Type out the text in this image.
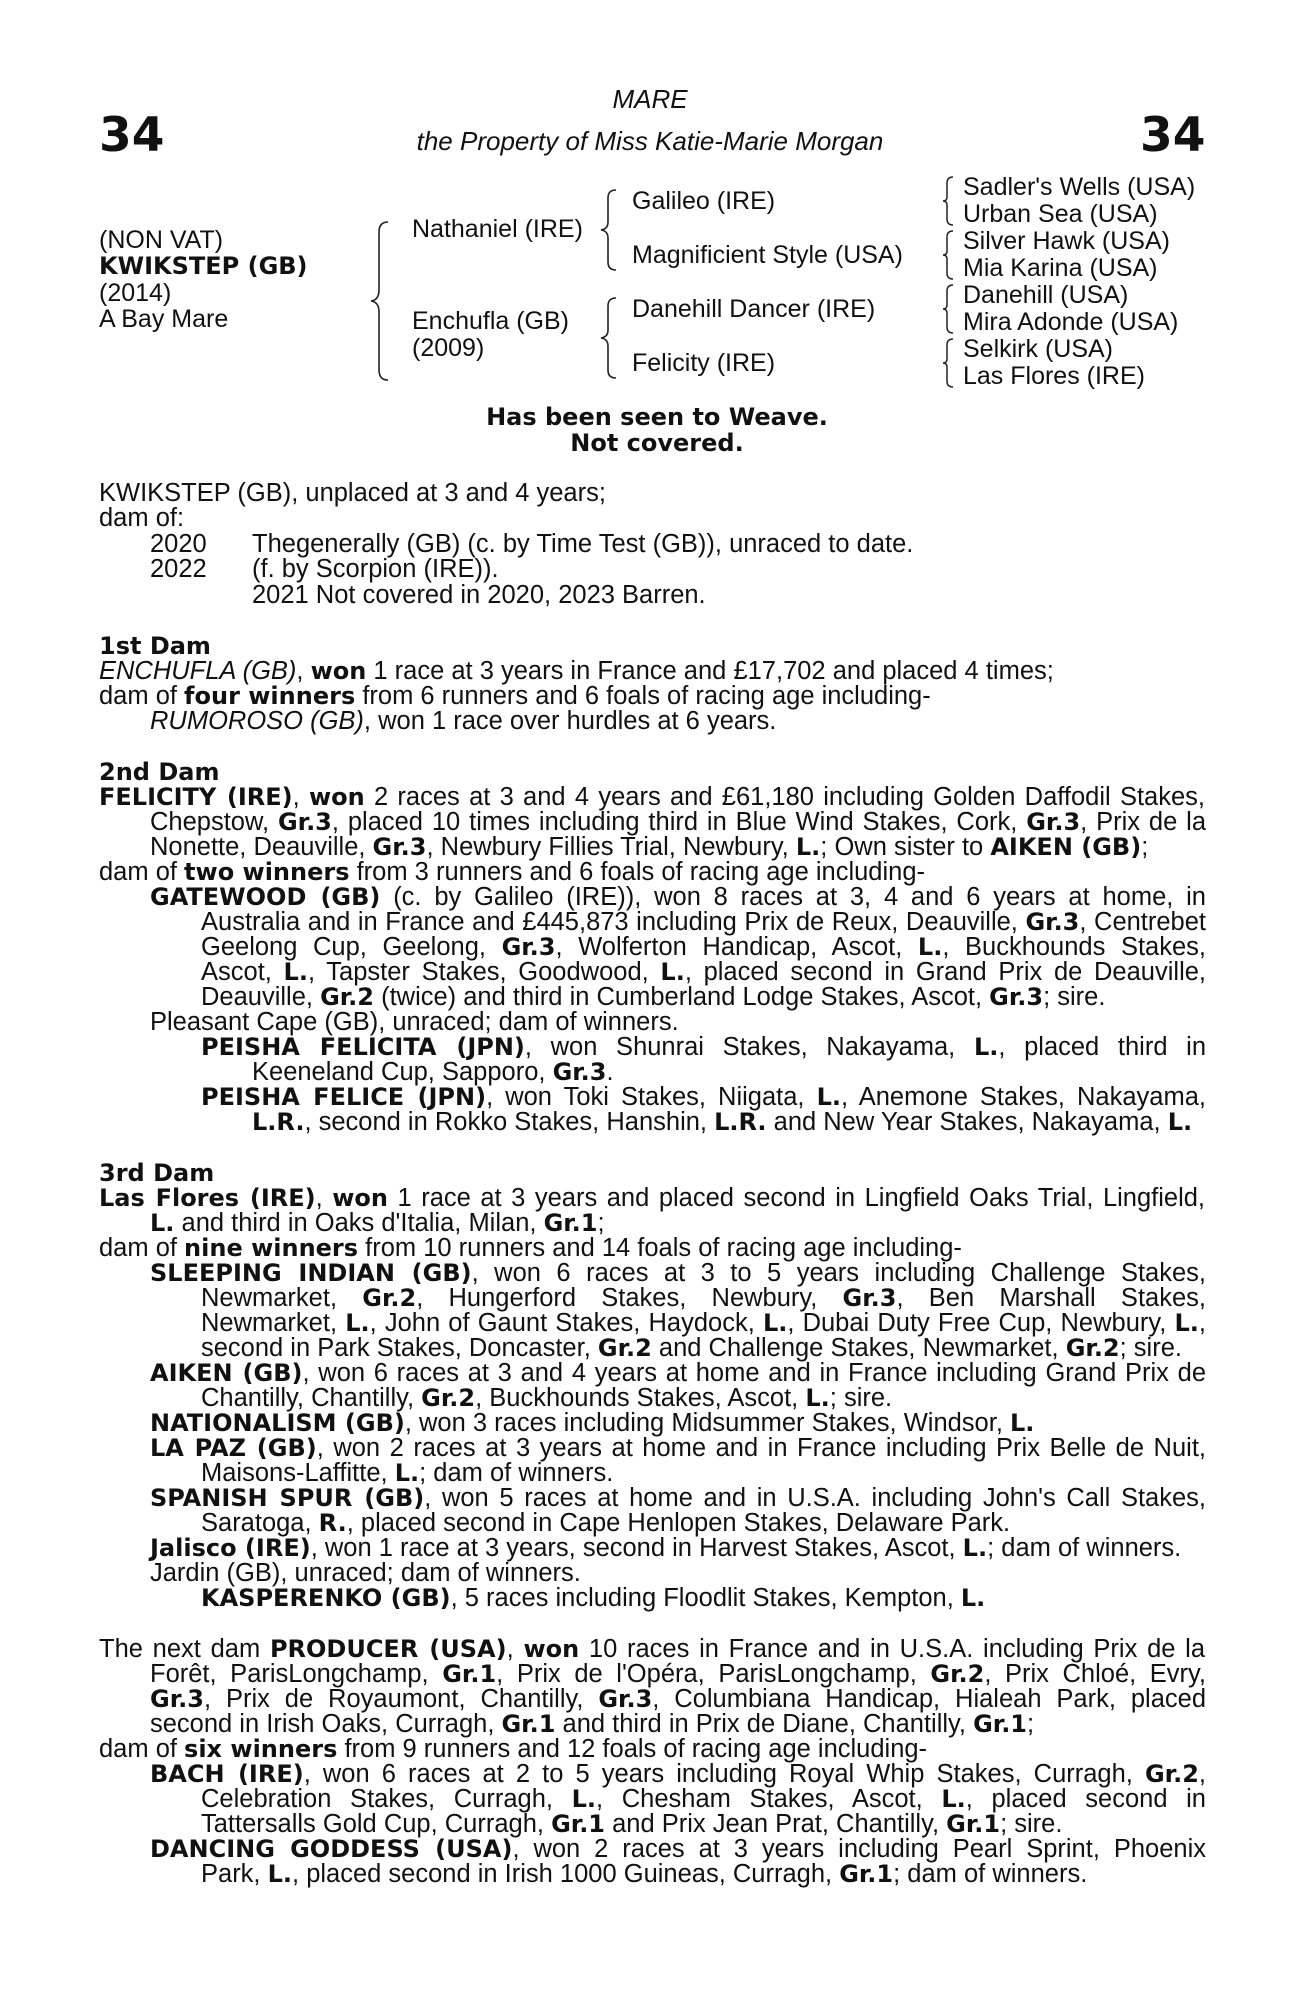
34	34
MARE
the Property of Miss Katie-Marie Morgan
(NON VAT)
KWIKSTEP (GB)
(2014)
A Bay Mare
Nathaniel (IRE)
Enchufla (GB)
(2009)
Galileo (IRE)
Magnificient Style (USA)
Danehill Dancer (IRE)
Felicity (IRE)
Sadler's Wells (USA)
Urban Sea (USA)
Silver Hawk (USA)
Mia Karina (USA)
Danehill (USA)
Mira Adonde (USA)
Selkirk (USA)
Las Flores (IRE)
Has been seen to Weave.
Not covered.
KWIKSTEP (GB), unplaced at 3 and 4 years;
dam of:
2020 Thegenerally (GB) (c. by Time Test (GB)), unraced to date.
2022 (f. by Scorpion (IRE)).
2021 Not covered in 2020, 2023 Barren.
1st Dam
ENCHUFLA (GB), won 1 race at 3 years in France and £17,702 and placed 4 times;
dam of four winners from 6 runners and 6 foals of racing age including-
RUMOROSO (GB), won 1 race over hurdles at 6 years.
2nd Dam
FELICITY (IRE), won 2 races at 3 and 4 years and £61,180 including Golden Daffodil Stakes,
Chepstow, Gr.3, placed 10 times including third in Blue Wind Stakes, Cork, Gr.3, Prix de la
Nonette, Deauville, Gr.3, Newbury Fillies Trial, Newbury, L.; Own sister to AIKEN (GB);
dam of two winners from 3 runners and 6 foals of racing age including-
GATEWOOD (GB) (c. by Galileo (IRE)), won 8 races at 3, 4 and 6 years at home, in
Australia and in France and £445,873 including Prix de Reux, Deauville, Gr.3, Centrebet
Geelong Cup, Geelong, Gr.3, Wolferton Handicap, Ascot, L., Buckhounds Stakes,
Ascot, L., Tapster Stakes, Goodwood, L., placed second in Grand Prix de Deauville,
Deauville, Gr.2 (twice) and third in Cumberland Lodge Stakes, Ascot, Gr.3; sire.
Pleasant Cape (GB), unraced; dam of winners.
PEISHA FELICITA (JPN), won Shunrai Stakes, Nakayama, L., placed third in
Keeneland Cup, Sapporo, Gr.3.
PEISHA FELICE (JPN), won Toki Stakes, Niigata, L., Anemone Stakes, Nakayama,
L.R., second in Rokko Stakes, Hanshin, L.R. and New Year Stakes, Nakayama, L.
3rd Dam
Las Flores (IRE), won 1 race at 3 years and placed second in Lingfield Oaks Trial, Lingfield,
L. and third in Oaks d'Italia, Milan, Gr.1;
dam of nine winners from 10 runners and 14 foals of racing age including-
SLEEPING INDIAN (GB), won 6 races at 3 to 5 years including Challenge Stakes,
Newmarket, Gr.2, Hungerford Stakes, Newbury, Gr.3, Ben Marshall Stakes,
Newmarket, L., John of Gaunt Stakes, Haydock, L., Dubai Duty Free Cup, Newbury, L.,
second in Park Stakes, Doncaster, Gr.2 and Challenge Stakes, Newmarket, Gr.2; sire.
AIKEN (GB), won 6 races at 3 and 4 years at home and in France including Grand Prix de
Chantilly, Chantilly, Gr.2, Buckhounds Stakes, Ascot, L.; sire.
NATIONALISM (GB), won 3 races including Midsummer Stakes, Windsor, L.
LA PAZ (GB), won 2 races at 3 years at home and in France including Prix Belle de Nuit,
Maisons-Laffitte, L.; dam of winners.
SPANISH SPUR (GB), won 5 races at home and in U.S.A. including John's Call Stakes,
Saratoga, R., placed second in Cape Henlopen Stakes, Delaware Park.
Jalisco (IRE), won 1 race at 3 years, second in Harvest Stakes, Ascot, L.; dam of winners.
Jardin (GB), unraced; dam of winners.
KASPERENKO (GB), 5 races including Floodlit Stakes, Kempton, L.
The next dam PRODUCER (USA), won 10 races in France and in U.S.A. including Prix de la
Forêt, ParisLongchamp, Gr.1, Prix de l'Opéra, ParisLongchamp, Gr.2, Prix Chloé, Evry,
Gr.3, Prix de Royaumont, Chantilly, Gr.3, Columbiana Handicap, Hialeah Park, placed
second in Irish Oaks, Curragh, Gr.1 and third in Prix de Diane, Chantilly, Gr.1;
dam of six winners from 9 runners and 12 foals of racing age including-
BACH (IRE), won 6 races at 2 to 5 years including Royal Whip Stakes, Curragh, Gr.2,
Celebration Stakes, Curragh, L., Chesham Stakes, Ascot, L., placed second in
Tattersalls Gold Cup, Curragh, Gr.1 and Prix Jean Prat, Chantilly, Gr.1; sire.
DANCING GODDESS (USA), won 2 races at 3 years including Pearl Sprint, Phoenix
Park, L., placed second in Irish 1000 Guineas, Curragh, Gr.1; dam of winners.
